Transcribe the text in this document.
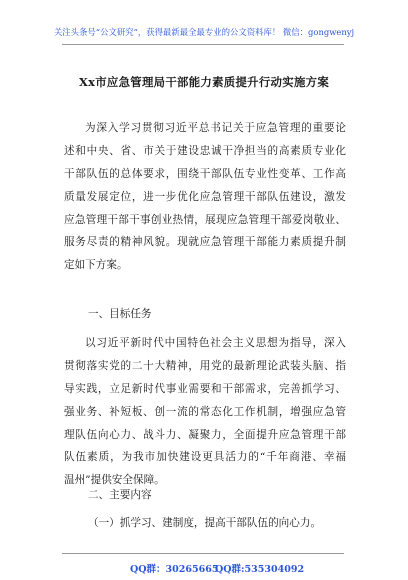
关注头条号“公文研究”，获得最新最全最专业的公文资料库！ 微信：gongwenyj
Xx市应急管理局干部能力素质提升行动实施方案
为深入学习贯彻习近平总书记关于应急管理的重要论
述和中央、省、市关于建设忠诚干净担当的高素质专业化
干部队伍的总体要求，围绕干部队伍专业性变革、工作高
质量发展定位，进一步优化应急管理干部队伍建设，激发
应急管理干部干事创业热情，展现应急管理干部爱岗敬业、
服务尽责的精神风貌。现就应急管理干部能力素质提升制
定如下方案。
一、目标任务
以习近平新时代中国特色社会主义思想为指导，深入
贯彻落实党的二十大精神，用党的最新理论武装头脑、指
导实践，立足新时代事业需要和干部需求，完善抓学习、
强业务、补短板、创一流的常态化工作机制，增强应急管
理队伍向心力、战斗力、凝聚力，全面提升应急管理干部
队伍素质，为我市加快建设更具活力的“千年商港、幸福
温州”提供安全保障。
二、主要内容
（一）抓学习、建制度，提高干部队伍的向心力。
QQ群：30265665
QQ群:535304092
